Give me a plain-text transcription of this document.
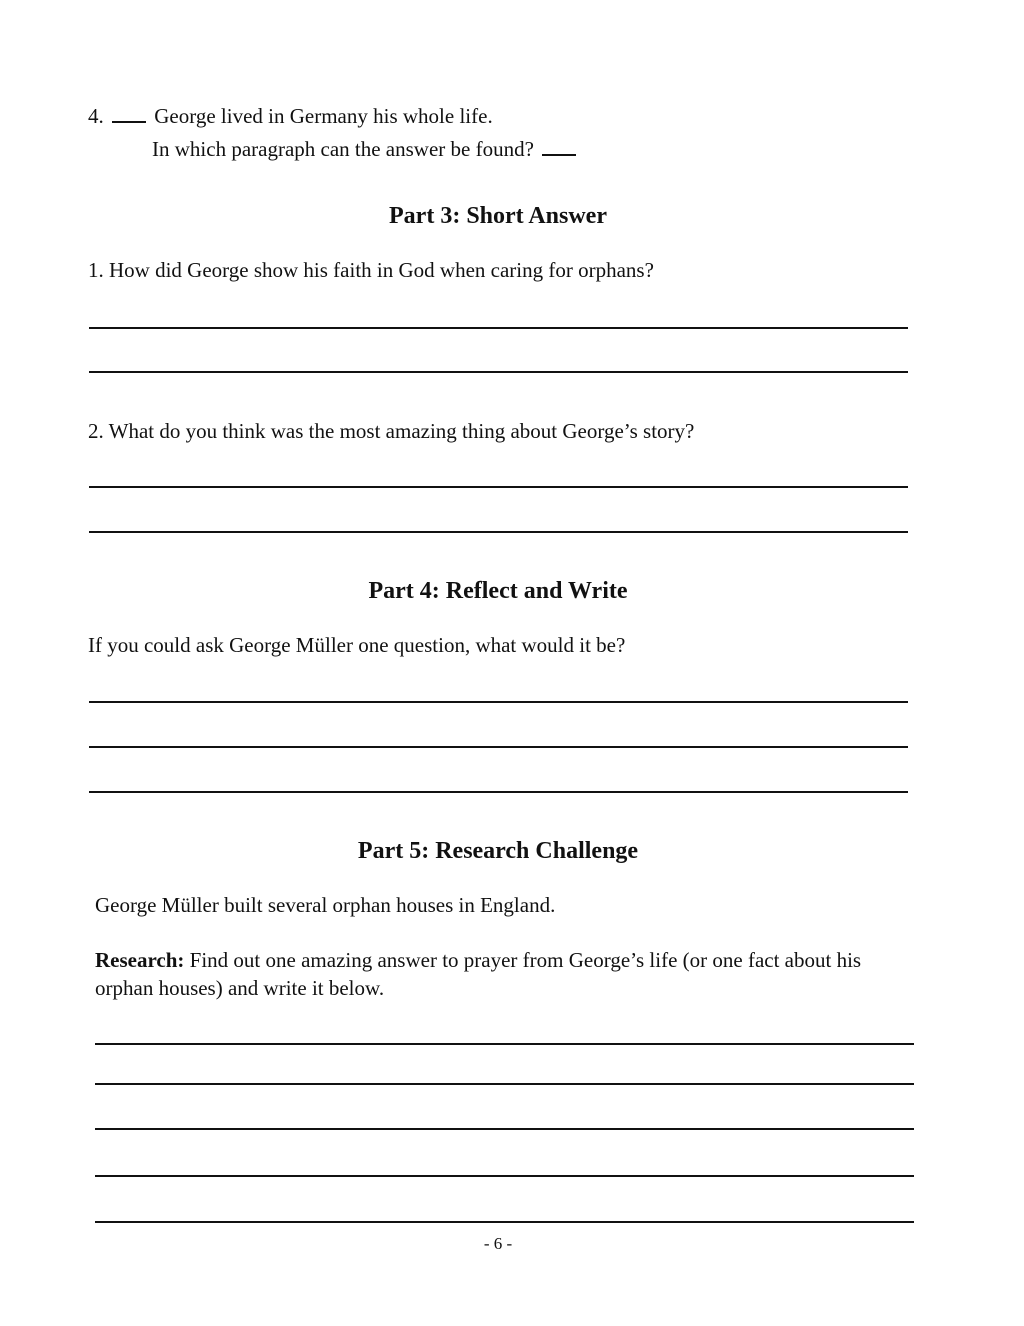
4. George lived in Germany his whole life.
In which paragraph can the answer be found?
Part 3: Short Answer
1. How did George show his faith in God when caring for orphans?
2. What do you think was the most amazing thing about George’s story?
Part 4: Reflect and Write
If you could ask George Müller one question, what would it be?
Part 5: Research Challenge
George Müller built several orphan houses in England.
Research: Find out one amazing answer to prayer from George’s life (or one fact about his orphan houses) and write it below.
- 6 -
